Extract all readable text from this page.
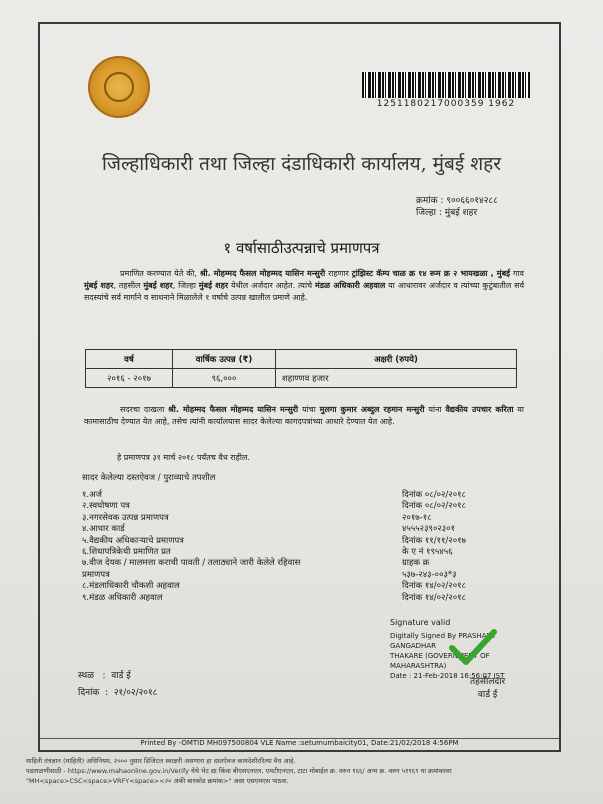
1251180217000359 1962
जिल्हाधिकारी तथा जिल्हा दंडाधिकारी कार्यालय, मुंबई शहर
क्रमांक : ९००६६०१४२८८
जिल्हा : मुंबई शहर
१ वर्षासाठीउत्पन्नाचे प्रमाणपत्र
प्रमाणित करण्यात येते की, श्री. मोहम्मद फैसल मोहम्मद यासिन मन्सुरी राहणार ट्रांझिस्ट कॅम्प चाळ क्र १४ रूम क्र २ भायखळा , मुंबई गाव मुंबई शहर, तहसील मुंबई शहर, जिल्हा मुंबई शहर येथील अर्जदार आहेत. त्यांचे मंडळ अधिकारी अहवाल या आधारावर अर्जदार व त्यांच्या कुटुंबातील सर्व सदस्यांचे सर्व मार्गाने व साधनाने मिळालेले १ वर्षाचे उत्पन्न खालील प्रमाणे आहे.
वर्ष	वार्षिक उत्पन्न (₹)	अक्षरी (रुपये)
२०१६ - २०१७	९६,०००	शहाण्णव हजार
सदरचा दाखला श्री. मोहम्मद फैसल मोहम्मद यासिन मन्सुरी यांचा मुलगा कुमार अब्दुल रहमान मन्सुरी यांना वैद्यकीय उपचार करिता या कामासाठीच देण्यात येत आहे, तसेच त्यांनी कार्यालयास सादर केलेल्या कागदपत्रांच्या आधारे देण्यात येत आहे.
हे प्रमाणपत्र ३१ मार्च २०१८ पर्यंतच वैध राहील.
सादर केलेल्या दस्तऐवज / पुराव्याचे तपशील
१.अर्ज	दिनांक ०८/०२/२०१८
२.स्वघोषणा पत्र	दिनांक ०८/०२/२०१८
३.नगरसेवक उत्पन्न प्रमाणपत्र	२०१७-१८
४.आधार कार्ड	४५५५२३९०२३०१
५.वैद्यकीय अधिकाऱ्याचे प्रमाणपत्र	दिनांक ११/११/२०१७
६.शिधापत्रिकेची प्रमाणित प्रत	के ए नं १९५४५६
७.वीज देयक / मालमत्ता कराची पावती / तलाठ्याने जारी केलेले रहिवास	ग्राहक क्र
प्रमाणपत्र	५३७-२४३-००३*३
८.मंडलाधिकारी चौकशी अहवाल	दिनांक १४/०२/२०१८
९.मंडळ अधिकारी अहवाल	दिनांक १४/०२/२०१८
Signature valid
Digitally Signed By PRASHANT GANGADHAR
THAKARE (GOVERNMENT OF
MAHARASHTRA)
Date : 21-Feb-2018 16:56:07 IST
तहसीलदार
वार्ड ई
स्थळ   :  वार्ड ई
दिनांक  :  २१/०२/२०१८
Printed By -OMTID MH097500804 VLE Name :setumumbaicity01, Date:21/02/2018 4:56PM
माहिती तंत्रज्ञान (माहिती) अधिनियम, २००० नुसार डिजिटल स्वाक्षरी असणारा हा दस्तऐवज कायदेशीररित्या वैध आहे.
पडताळणीसाठी - https://www.mahaonline.gov.in/Verify येथे भेट द्या किंवा बीएसएनएल, एमटीएनएल, टाटा मोबाईल क्र. वरुन १६६/ अन्य क्र. वरुन ५१९६९ या क्रमांकावर
"MH<space>CSC<space>VRFY<space><२० अंकी बारकोड क्रमांक>" असा एसएमएस पाठवा.
